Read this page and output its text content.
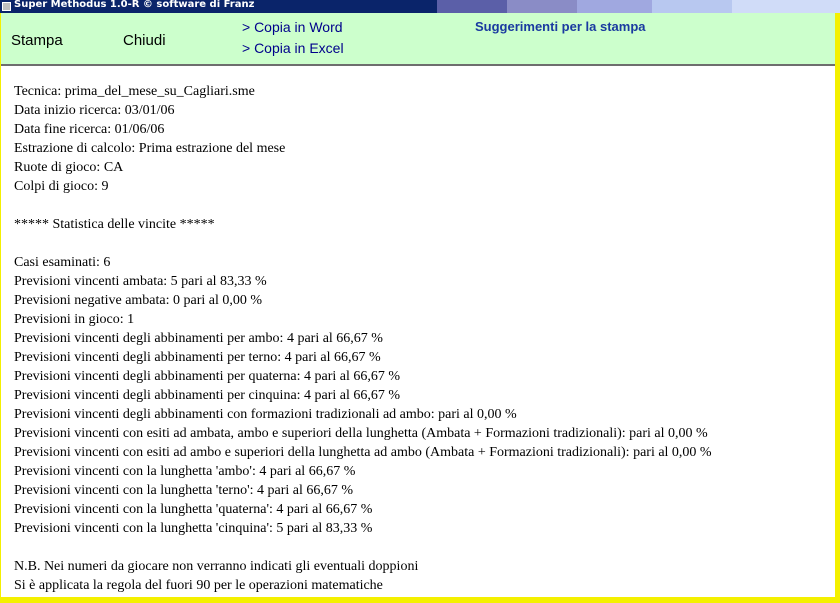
Super Methodus 1.0-R © software di Franz
Stampa	Chiudi
> Copia in Word
> Copia in Excel
Suggerimenti per la stampa
Tecnica: prima_del_mese_su_Cagliari.sme
Data inizio ricerca: 03/01/06
Data fine ricerca: 01/06/06
Estrazione di calcolo: Prima estrazione del mese
Ruote di gioco: CA
Colpi di gioco: 9
***** Statistica delle vincite *****
Casi esaminati: 6
Previsioni vincenti ambata: 5 pari al 83,33 %
Previsioni negative ambata: 0 pari al 0,00 %
Previsioni in gioco: 1
Previsioni vincenti degli abbinamenti per ambo: 4 pari al 66,67 %
Previsioni vincenti degli abbinamenti per terno: 4 pari al 66,67 %
Previsioni vincenti degli abbinamenti per quaterna: 4 pari al 66,67 %
Previsioni vincenti degli abbinamenti per cinquina: 4 pari al 66,67 %
Previsioni vincenti degli abbinamenti con formazioni tradizionali ad ambo: pari al 0,00 %
Previsioni vincenti con esiti ad ambata, ambo e superiori della lunghetta (Ambata + Formazioni tradizionali): pari al 0,00 %
Previsioni vincenti con esiti ad ambo e superiori della lunghetta ad ambo (Ambata + Formazioni tradizionali): pari al 0,00 %
Previsioni vincenti con la lunghetta 'ambo': 4 pari al 66,67 %
Previsioni vincenti con la lunghetta 'terno': 4 pari al 66,67 %
Previsioni vincenti con la lunghetta 'quaterna': 4 pari al 66,67 %
Previsioni vincenti con la lunghetta 'cinquina': 5 pari al 83,33 %
N.B. Nei numeri da giocare non verranno indicati gli eventuali doppioni
Si è applicata la regola del fuori 90 per le operazioni matematiche
